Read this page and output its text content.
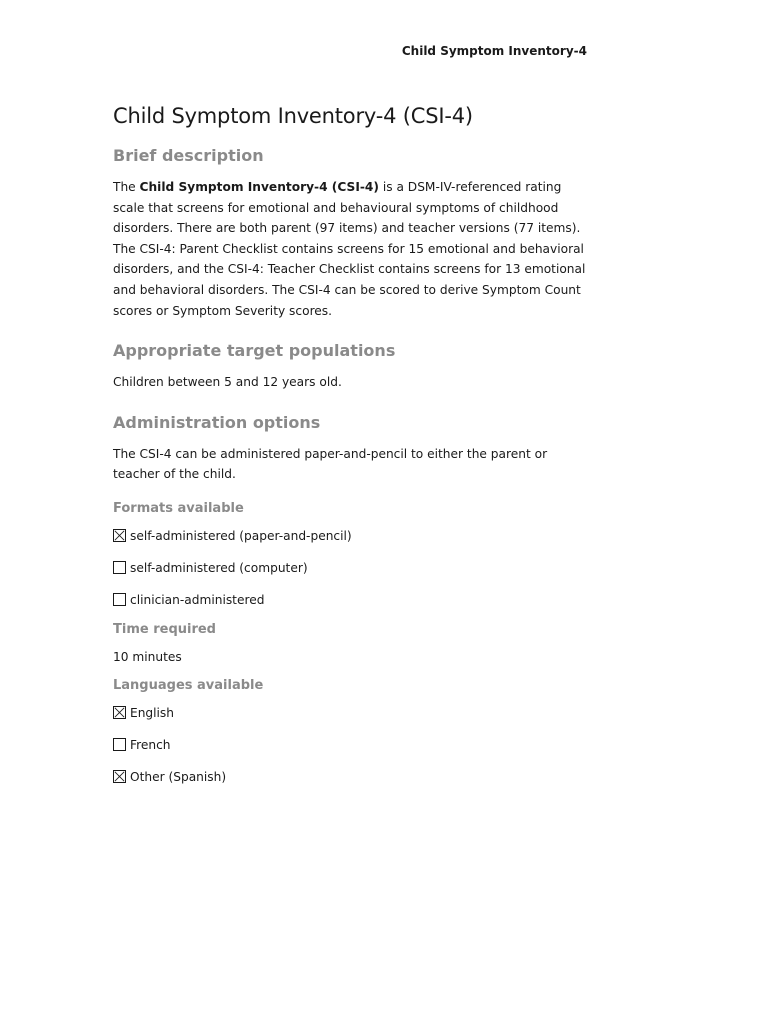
Child Symptom Inventory-4
Child Symptom Inventory-4 (CSI-4)
Brief description

The Child Symptom Inventory-4 (CSI-4) is a DSM-IV-referenced rating scale that screens for emotional and behavioural symptoms of childhood disorders. There are both parent (97 items) and teacher versions (77 items). The CSI-4: Parent Checklist contains screens for 15 emotional and behavioral disorders, and the CSI-4: Teacher Checklist contains screens for 13 emotional and behavioral disorders. The CSI-4 can be scored to derive Symptom Count scores or Symptom Severity scores.

Appropriate target populations

Children between 5 and 12 years old.

Administration options

The CSI-4 can be administered paper-and-pencil to either the parent or teacher of the child.

Formats available
self-administered (paper-and-pencil)
self-administered (computer)
clinician-administered
Time required

10 minutes

Languages available
English
French
Other (Spanish)
